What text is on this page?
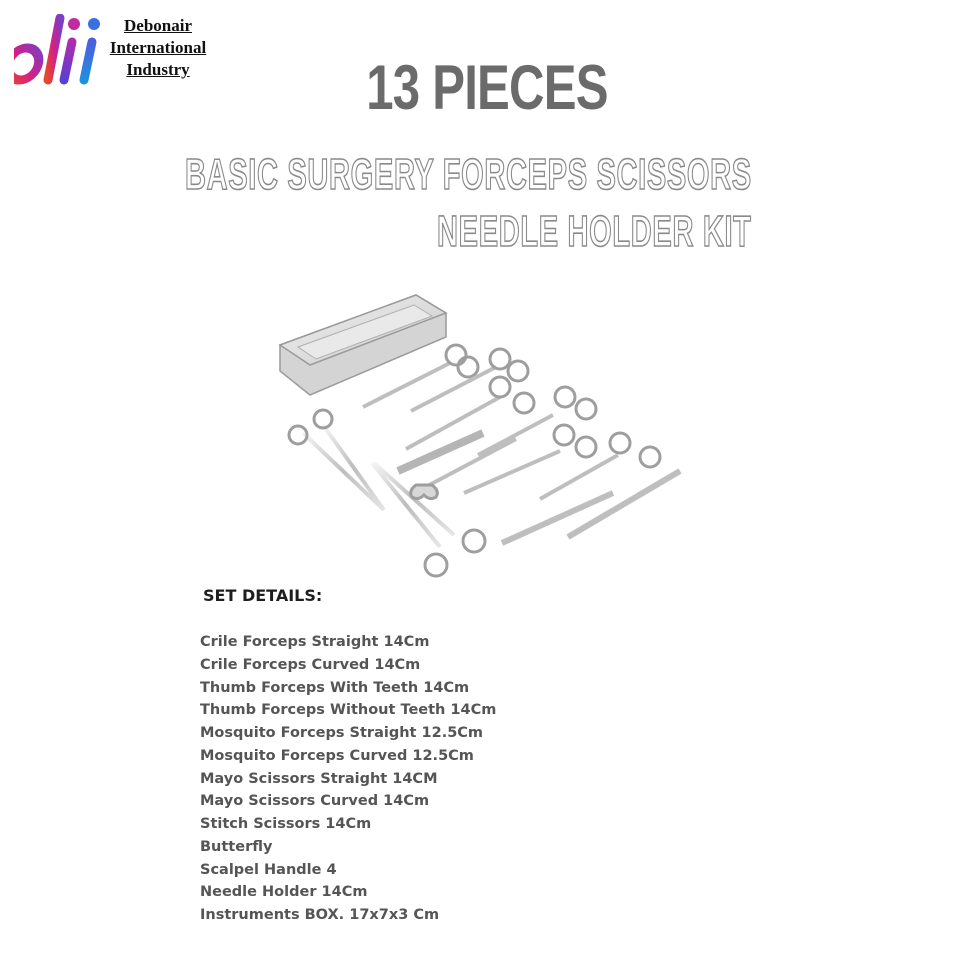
Debonair
International
Industry	13 PIECES
BASIC SURGERY FORCEPS SCISSORS
NEEDLE HOLDER KIT
SET DETAILS:
Crile Forceps Straight 14Cm
Crile Forceps Curved 14Cm
Thumb Forceps With Teeth 14Cm
Thumb Forceps Without Teeth 14Cm
Mosquito Forceps Straight 12.5Cm
Mosquito Forceps Curved 12.5Cm
Mayo Scissors Straight 14CM
Mayo Scissors Curved 14Cm
Stitch Scissors 14Cm
Butterfly
Scalpel Handle 4
Needle Holder 14Cm
Instruments BOX. 17x7x3 Cm
